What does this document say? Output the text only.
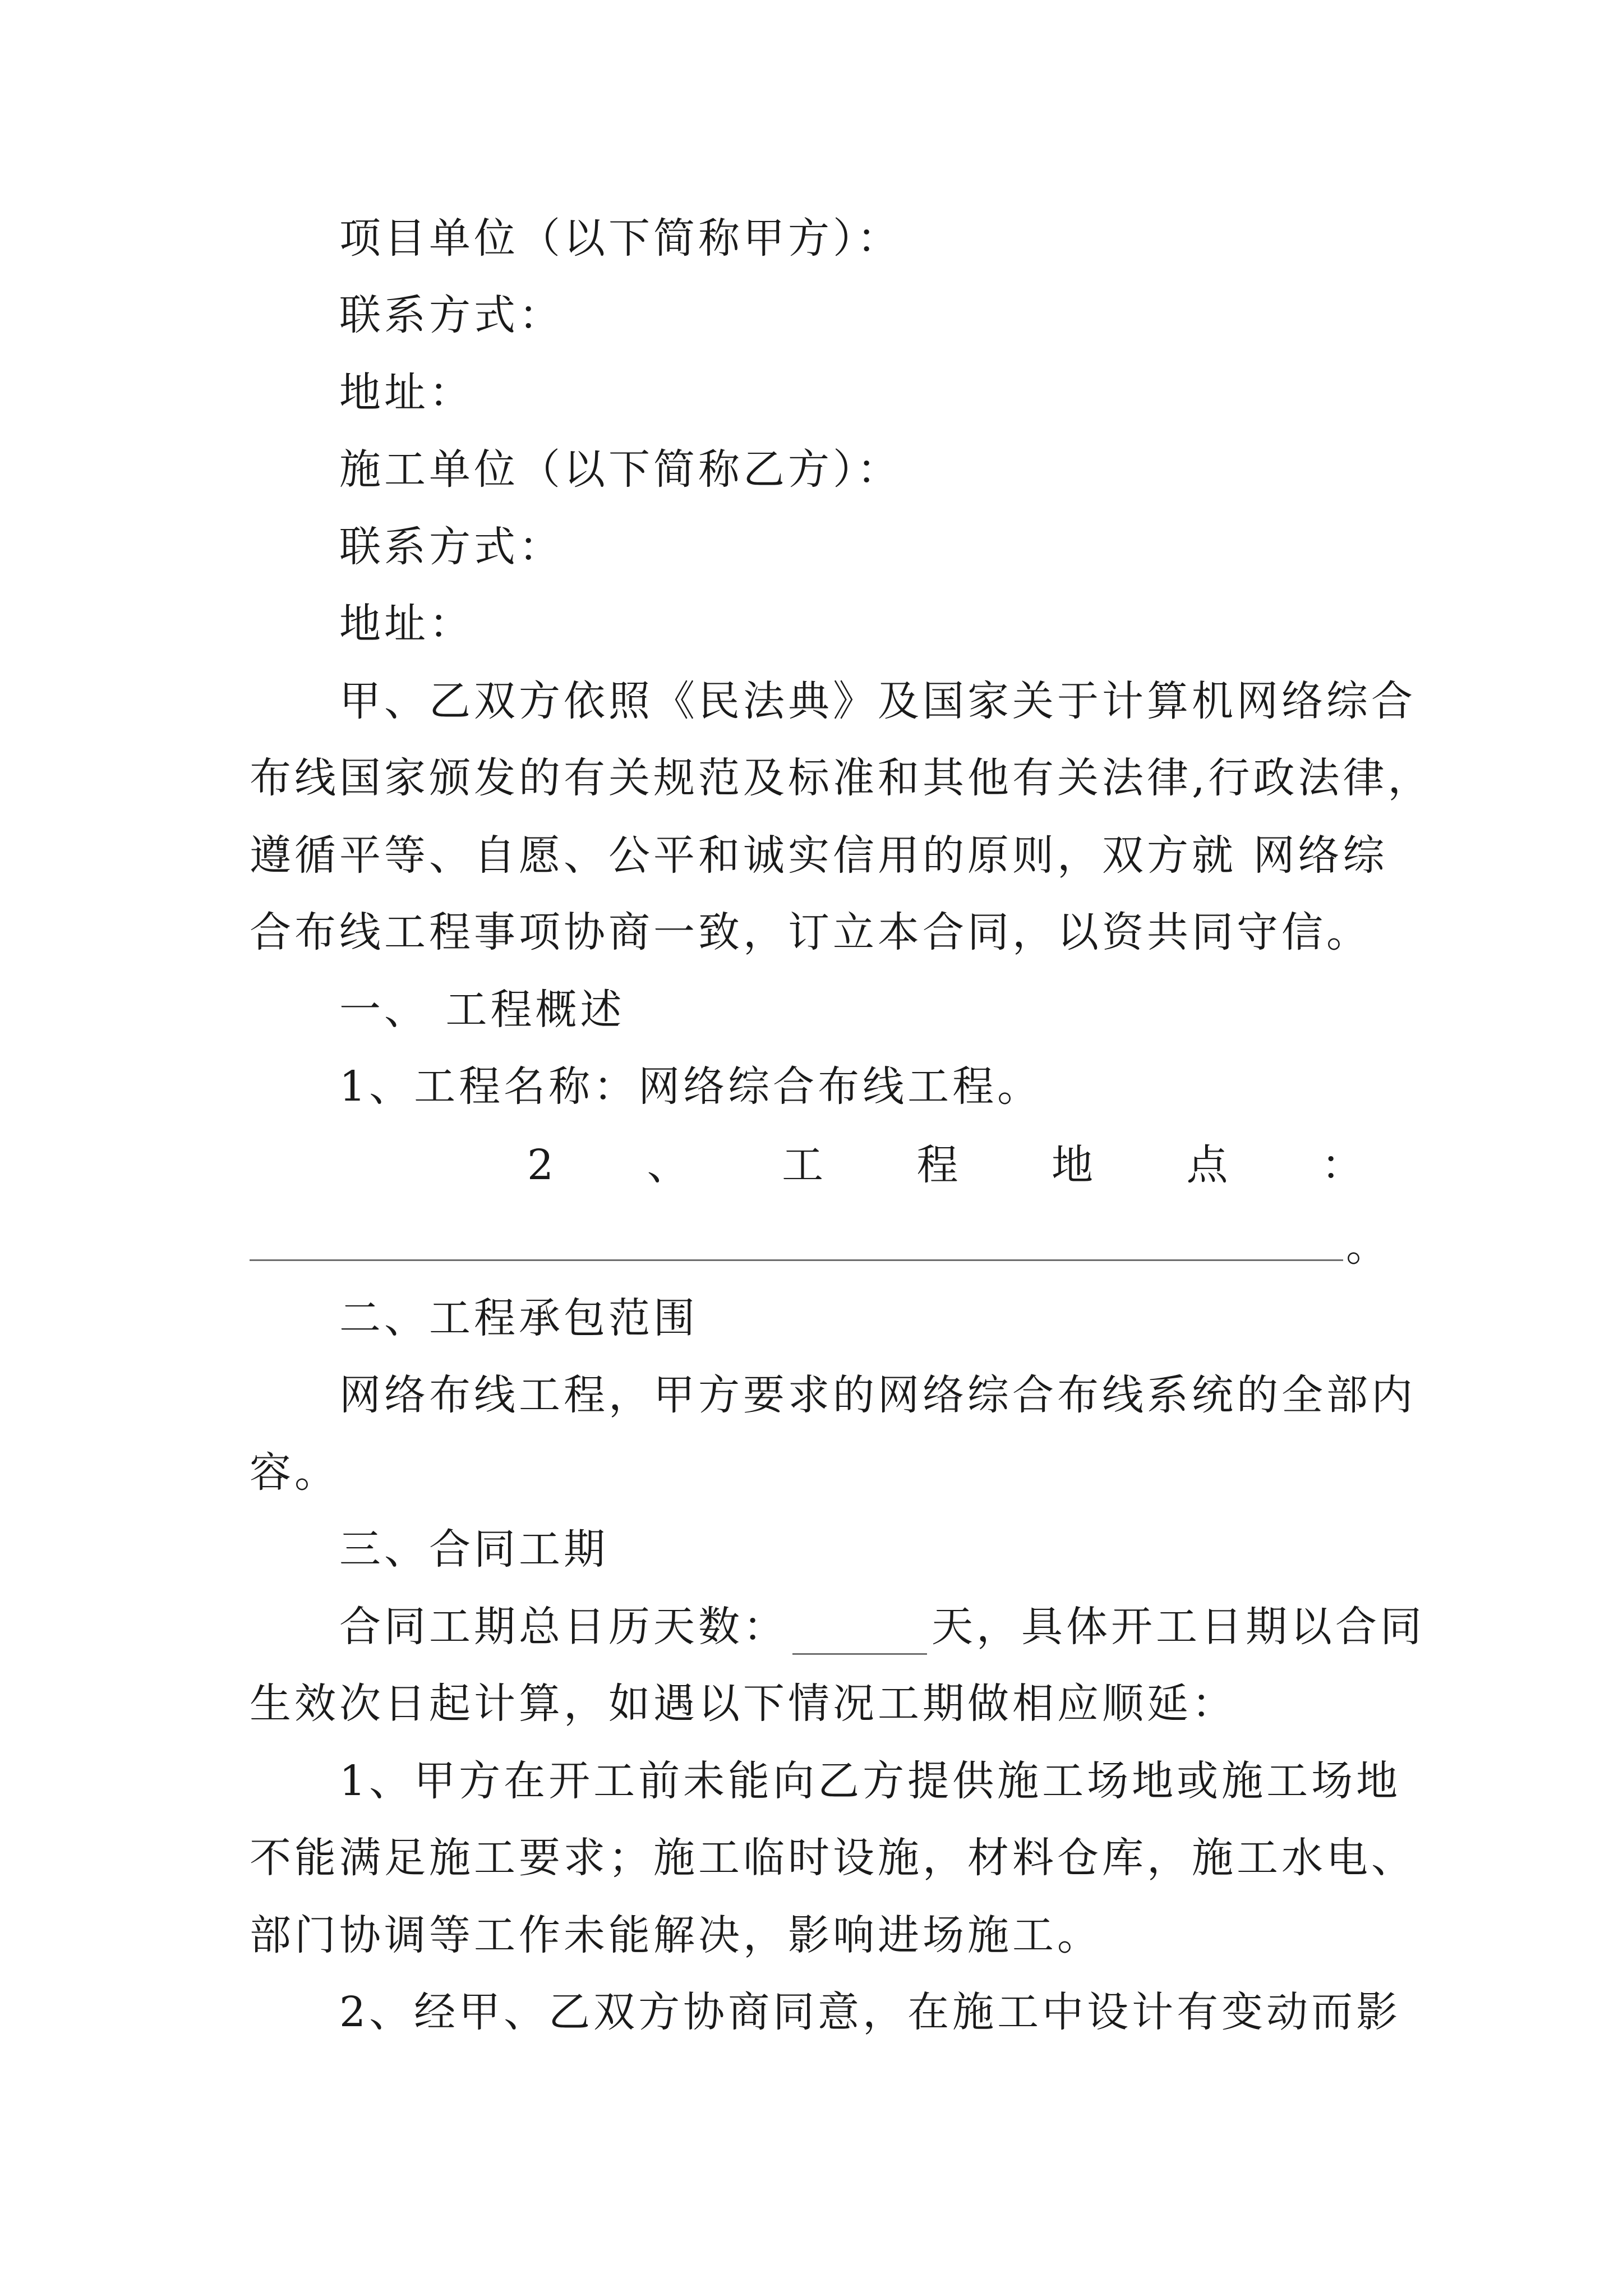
项目单位（以下简称甲方）：
联系方式：
地址：
施工单位（以下简称乙方）：
联系方式：
地址：
甲、乙双方依照《民法典》及国家关于计算机网络综合
布线国家颁发的有关规范及标准和其他有关法律,行政法律，
遵循平等、自愿、公平和诚实信用的原则，双方就 网络综
合布线工程事项协商一致，订立本合同，以资共同守信。
一、 工程概述
1、工程名称：网络综合布线工程。
2 、 工 程 地 点 ：
。
二、工程承包范围
网络布线工程，甲方要求的网络综合布线系统的全部内
容。
三、合同工期
合同工期总日历天数：	天，具体开工日期以合同
生效次日起计算，如遇以下情况工期做相应顺延：
1、甲方在开工前未能向乙方提供施工场地或施工场地
不能满足施工要求；施工临时设施，材料仓库，施工水电、
部门协调等工作未能解决，影响进场施工。
2、经甲、乙双方协商同意，在施工中设计有变动而影
